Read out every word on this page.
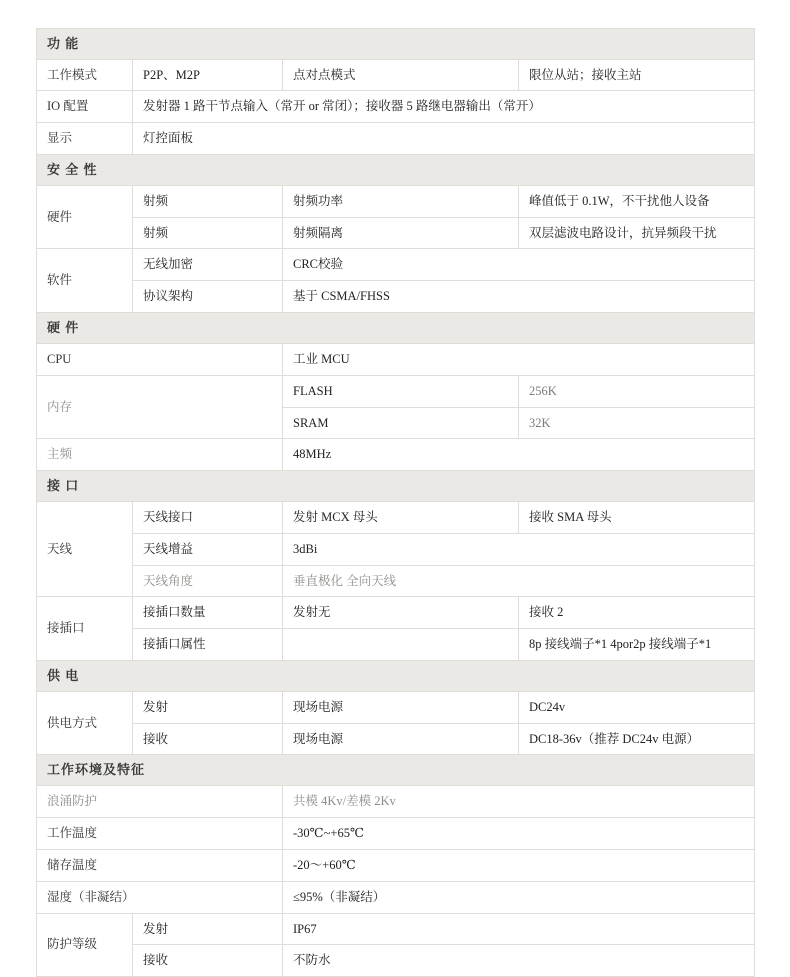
功 能			
工作模式	P2P、M2P	点对点模式	限位从站；接收主站
IO 配置	发射器 1 路干节点输入（常开 or 常闭）；接收器 5 路继电器输出（常开）		
显示	灯控面板		
安 全 性			
硬件	射频	射频功率	峰值低于 0.1W，不干扰他人设备
	射频	射频隔离	双层滤波电路设计，抗异频段干扰
软件	无线加密	CRC校验	
	协议架构	基于 CSMA/FHSS	
硬 件			
CPU		工业 MCU	
内存		FLASH	256K
		SRAM	32K
主频		48MHz	
接 口			
天线	天线接口	发射 MCX 母头	接收 SMA 母头
	天线增益	3dBi	
	天线角度	垂直极化 全向天线	
接插口	接插口数量	发射无	接收 2
	接插口属性		8p 接线端子*1 4por2p 接线端子*1
供 电			
供电方式	发射	现场电源	DC24v
	接收	现场电源	DC18-36v（推荐 DC24v 电源）
工作环境及特征			
浪涌防护		共模 4Kv/差模 2Kv	
工作温度		-30℃~+65℃	
储存温度		-20～+60℃	
湿度（非凝结）		≤95%（非凝结）	
防护等级	发射	IP67	
	接收	不防水	
